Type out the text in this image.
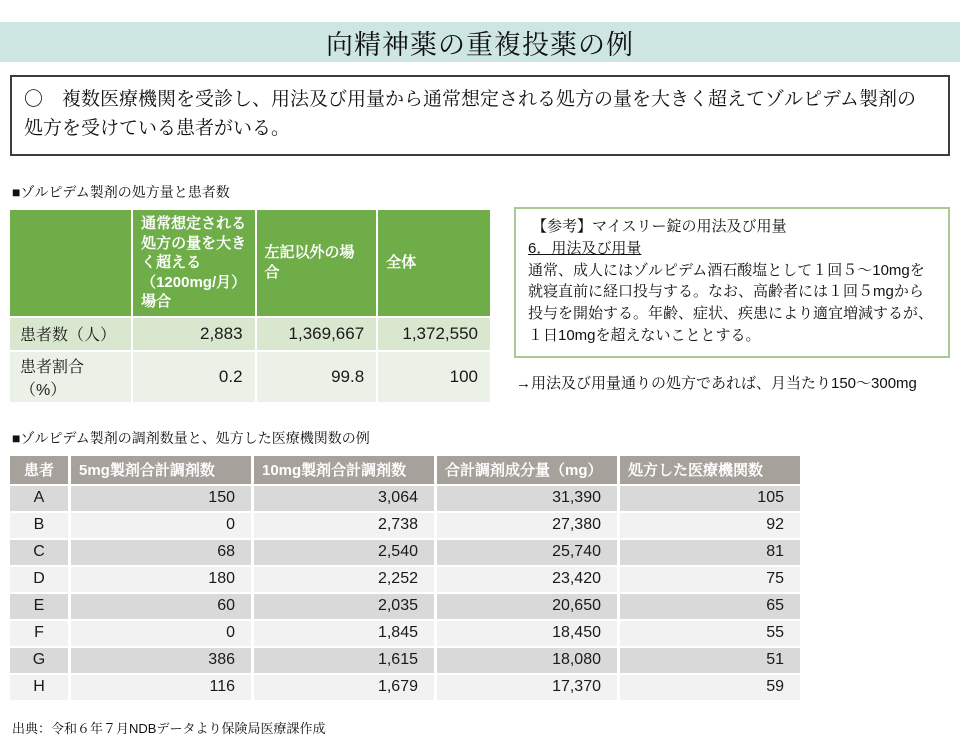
向精神薬の重複投薬の例
〇　複数医療機関を受診し、用法及び用量から通常想定される処方の量を大きく超えてゾルピデム製剤の処方を受けている患者がいる。

■ゾルピデム製剤の処方量と患者数

	通常想定される処方の量を大きく超える（1200mg/月）場合	左記以外の場合	全体
患者数（人）	2,883	1,369,667	1,372,550
患者割合（%）	0.2	99.8	100

【参考】マイスリー錠の用法及び用量

6．用法及び用量

通常、成人にはゾルピデム酒石酸塩として１回５～10mgを就寝直前に経口投与する。なお、高齢者には１回５mgから投与を開始する。年齢、症状、疾患により適宜増減するが、１日10mgを超えないこととする。

→用法及び用量通りの処方であれば、月当たり150～300mg

■ゾルピデム製剤の調剤数量と、処方した医療機関数の例

患者	5mg製剤合計調剤数	10mg製剤合計調剤数	合計調剤成分量（mg）	処方した医療機関数
A	150	3,064	31,390	105
B	0	2,738	27,380	92
C	68	2,540	25,740	81
D	180	2,252	23,420	75
E	60	2,035	20,650	65
F	0	1,845	18,450	55
G	386	1,615	18,080	51
H	116	1,679	17,370	59

出典：令和６年７月NDBデータより保険局医療課作成
